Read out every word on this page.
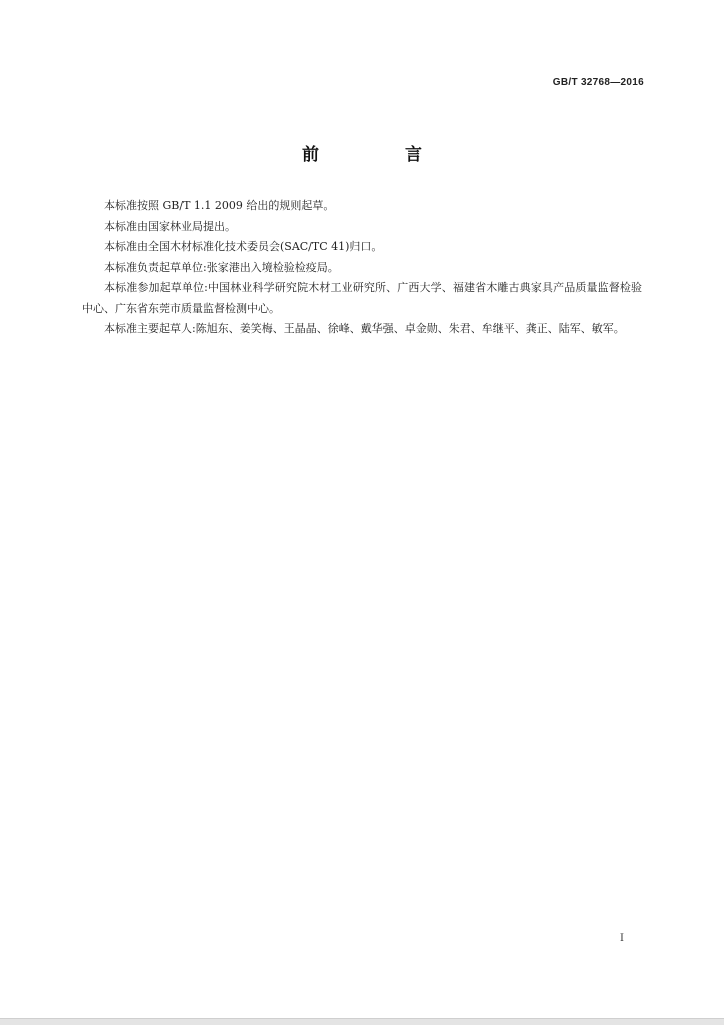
GB/T 32768—2016
前 言

本标准按照 GB/T 1.1 2009 给出的规则起草。

本标准由国家林业局提出。

本标准由全国木材标准化技术委员会(SAC/TC 41)归口。

本标准负责起草单位:张家港出入境检验检疫局。

本标准参加起草单位:中国林业科学研究院木材工业研究所、广西大学、福建省木雕古典家具产品质量监督检验中心、广东省东莞市质量监督检测中心。

本标准主要起草人:陈旭东、姜笑梅、王晶晶、徐峰、戴华强、卓金勋、朱君、牟继平、龚正、陆军、敏军。

I
